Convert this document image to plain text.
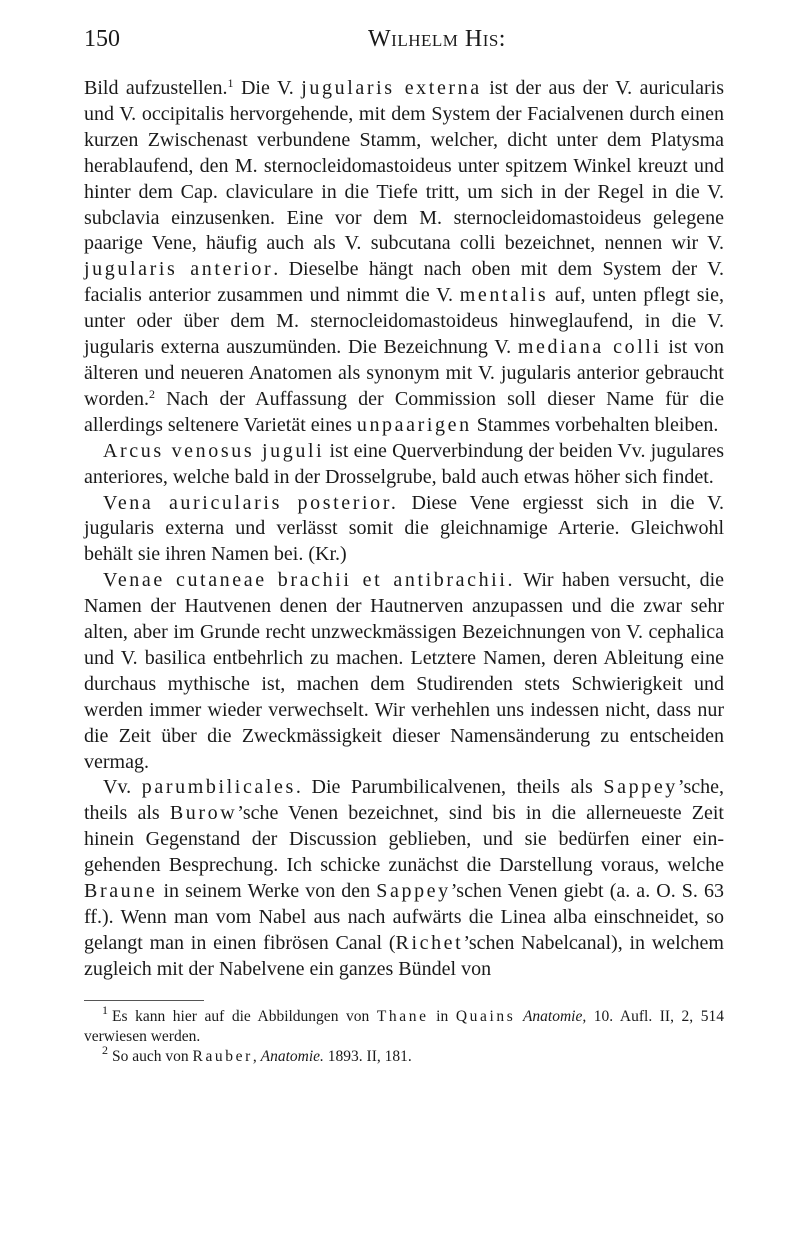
150	Wilhelm His:

Bild aufzustellen.$^1$ Die V. jugularis externa ist der aus der V. auricularis und V. occipitalis hervorgehende, mit dem System der Facialvenen durch einen kurzen Zwischenast verbundene Stamm, welcher, dicht unter dem Platysma herablaufend, den M. sternocleidomastoideus unter spitzem Winkel kreuzt und hinter dem Cap. claviculare in die Tiefe tritt, um sich in der Regel in die V. subclavia einzusenken. Eine vor dem M. sternocleidomastoideus gelegene paarige Vene, häufig auch als V. subcutana colli bezeichnet, nennen wir V. jugularis anterior. Dieselbe hängt nach oben mit dem System der V. facialis anterior zusammen und nimmt die V. mentalis auf, unten pflegt sie, unter oder über dem M. sternocleidomastoideus hinweglaufend, in die V. jugularis externa auszumünden. Die Bezeichnung V. mediana colli ist von älteren und neueren Anatomen als synonym mit V. jugularis anterior gebraucht worden.$^2$ Nach der Auffassung der Commission soll dieser Name für die allerdings seltenere Varietät eines unpaarigen Stammes vorbehalten bleiben.

Arcus venosus juguli ist eine Querverbindung der beiden Vv. jugulares anteriores, welche bald in der Drosselgrube, bald auch etwas höher sich findet.

Vena auricularis posterior. Diese Vene ergiesst sich in die V. jugularis externa und verlässt somit die gleichnamige Arterie. Gleichwohl behält sie ihren Namen bei. (Kr.)

Venae cutaneae brachii et antibrachii. Wir haben versucht, die Namen der Hautvenen denen der Hautnerven anzupassen und die zwar sehr alten, aber im Grunde recht unzweckmässigen Bezeichnungen von V. cephalica und V. basilica entbehrlich zu machen. Letztere Namen, deren Ableitung eine durchaus mythische ist, machen dem Studirenden stets Schwierigkeit und werden immer wieder verwechselt. Wir verhehlen uns indessen nicht, dass nur die Zeit über die Zweckmässigkeit dieser Namensänderung zu entscheiden vermag.

Vv. parumbilicales. Die Parumbilicalvenen, theils als Sappey’sche, theils als Burow’sche Venen bezeichnet, sind bis in die allerneueste Zeit hinein Gegenstand der Discussion geblieben, und sie bedürfen einer eingehenden Besprechung. Ich schicke zunächst die Darstellung voraus, welche Braune in seinem Werke von den Sappey’schen Venen giebt (a. a. O. S. 63 ff.). Wenn man vom Nabel aus nach aufwärts die Linea alba einschneidet, so gelangt man in einen fibrösen Canal (Richet’schen Nabelcanal), in welchem zugleich mit der Nabelvene ein ganzes Bündel von

$^1$ Es kann hier auf die Abbildungen von Thane in Quains Anatomie, 10. Aufl. II, 2, 514 verwiesen werden.

$^2$ So auch von Rauber, Anatomie. 1893. II, 181.
